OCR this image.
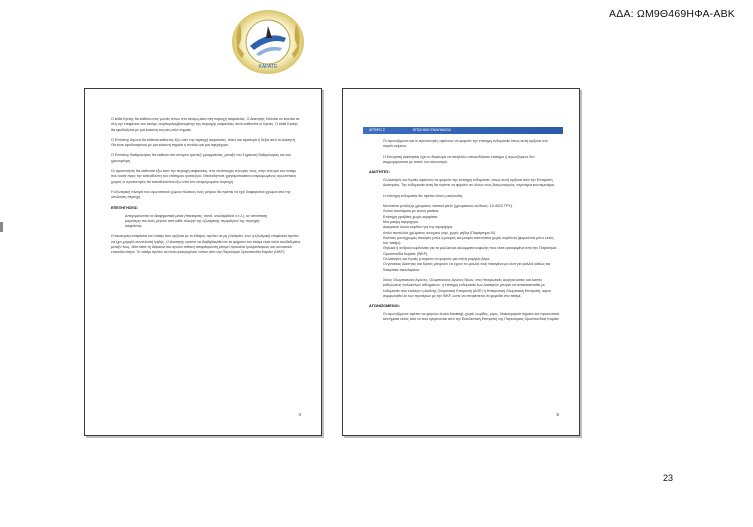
ΑΔΑ: ΩΜ9Θ469ΗΦΑ-ΑΒΚ
ΚΑΡΑΤΕ

Ο κάθε Κριτής θα κάθεται στις γωνίες πάνω στο τατάμι μέσα στη περιοχή ασφαλείας. Ο Διαιτητής δύναται να κινείται σε όλη την επιφάνεια του τατάμι, συμπεριλαμβανομένης της περιοχής ασφαλείας όπου κάθονται οι Κριτές. Ο κάθε Κριτής θα εφοδιάζεται με μια κόκκινη και μια μπλε σημαία.

Ο Επόπτης Αγώνα θα κάθεται καθιστός έξω από την περιοχή ασφαλείας, πίσω και αριστερά ή δεξιά από το Διαιτητή. Θα είναι εφοδιασμένος με μια κόκκινη σημαία ή σινιάλο και μια σφυρίχτρα.

Ο Επόπτης Βαθμολογίας θα κάθεται στο υπόγειο τραπέζι γραμματείας, μεταξύ του Σημειωτή Βαθμολογίας και του χρονομέτρη.

Οι προπονητές θα κάθονται έξω από την περιοχή ασφαλείας, στις αντίστοιχες πλευρές τους, στην πλευρά του τατάμι που κοιτά προς την κατεύθυνση του επίσημου τραπεζιού. Οποτεδήποτε χρησιμοποιείται υπερυψωμένος αγωνιστικός χώρος οι προπονητές θα τοποθετούνται έξω από τον υπερυψωμένο περιοχή.

Η εξωτερική πλευρά του αγωνιστικού χώρου πλάτους ενός μέτρου θα πρέπει να έχει διαφορετικό χρώμα από την υπόλοιπη περιοχή.

ΕΠΕΞΗΓΗΣΕΙΣ:

Απαγορεύονται τα διαφημιστικά μέσα (πανκάρτες, πανό, αναλαμβάνει κ.τ.λ.), σε απόσταση

μικρότερη του ενός μέτρου από κάθε πλευρά της εξωτερικής περιμέτρου της περιοχής

ασφαλείας.

Η εσωτερική επιφάνεια του τατάμι που ορίζεται με το έδαφος πρέπει να μη γλιστράει, ενώ η εξωτερική επιφάνεια πρέπει να έχει χαμηλό συντελεστή τριβής. Ο Διαιτητής πρέπει να διαβεβαιωθεί ότι τα τμήματα του τατάμι είναι καλά συνδεδεμένα μεταξύ τους, διότι κατά τη διάρκεια του αγώνα πιθανή απομάκρυνση μπορεί προκαλεί τραυματισμούς και συνιστούν επικινδυνότητα. Το τατάμι πρέπει να είναι εγκεκριμένου τύπου από την Παγκόσμια Ομοσπονδία Καράτε (WKF).

4
ΑΡΘΡΟ 2	ΕΠΙΣΗΜΗ ΕΝΔΥΜΑΣΙΑ

Οι αγωνιζόμενοι και οι προπονητές οφείλουν να φορούν την επίσημη ενδυμασία όπως αυτή ορίζεται στο παρόν κείμενο.

Η Επιτροπή Διαιτησίας έχει το δικαίωμα να αποβάλει οποιονδήποτε επίσημο ή αγωνιζόμενο δεν συμμορφώνεται με αυτόν τον κανονισμό.

ΔΙΑΙΤΗΤΕΣ:

Οι Διαιτητές και Κριτές οφείλουν να φορούν την επίσημη ενδυμασία, όπως αυτή ορίζεται από την Επιτροπή Διαιτησίας. Την ενδυμασία αυτή θα πρέπει να φορούν σε όλους τους διαγωνισμούς, σεμινάρια και σεμινάρια.

Η επίσημη ενδυμασία θα πρέπει είναι η ακόλουθη:

Μονόπετο μπλέιζερ χρώματος ναυτικό μπλε (χρωματικός κώδικας: 19-4023 TPX).

Λευκό πουκάμισο με κοντά μανίκια.

Επίσημη γραβάτα χωρίς καρφίτσα.

Μια μαύρη σφυρίχτρα.

Διακριτικό λευκό κορδόνι για την σφυρίχτρα.

Απλό παντελόνι χρώματος ανοιχτού γκρι, χωρίς ρεβέρ (Παράρτημα IX).

Κάλτσες μονόχρωμες σκούρες μπλε ή μαύρες και μαύρα παπούτσια χωρίς κορδόνια (φορούνται μόνο εκτός του τατάμι).

Θηλυκό ή ανδρικό κορδονάκι για τα μαλλιά και καλύμματα κεφαλής που είναι εγκεκριμένα από την Παγκόσμια Ομοσπονδία Καράτε (WKF).

Οι Διαιτητές και Κριτές μπορούν να φορούν μια απλή γαμήλια βέρα.

Οι γυναίκες Διαιτητές και Κριτές μπορούν να έχουν τα μαλλιά τους πιασμένα με κλιπ για μαλλιά καθώς και διακριτικά σκουλαρίκια.

Στους Ολυμπιακούς Αγώνες, Ολυμπιακούς Αγώνες Νέων, στις Ηπειρωτικές Διοργανώσεις και λοιπές εκδηλώσεις πολλαπλών αθλημάτων, η επίσημη ενδυμασία των Διαιτητών μπορεί να αντικατασταθεί με ενδυμασία που επιλέγει η Διεθνής Ολυμπιακή Επιτροπή (ΔΟΕ) ή Ηπειρωτική Ολυμπιακή Επιτροπή, αφού συμφωνηθεί εκ των προτέρων με την WKF, ώστε να επιτρέπεται να φορεθεί στο τατάμι.

ΑΓΩΝΙΖΟΜΕΝΟΙ:

Οι αγωνιζόμενοι πρέπει να φορούν λευκό Karategi, χωρίς λωρίδες, ρίγες, διακοσμητικά σήματα και προσωπικά κεντήματα εκτός από τα που εγκρίνονται από την Εκτελεστική Επιτροπή της Παγκόσμιας Ομοσπονδίας Καράτε

5
23
